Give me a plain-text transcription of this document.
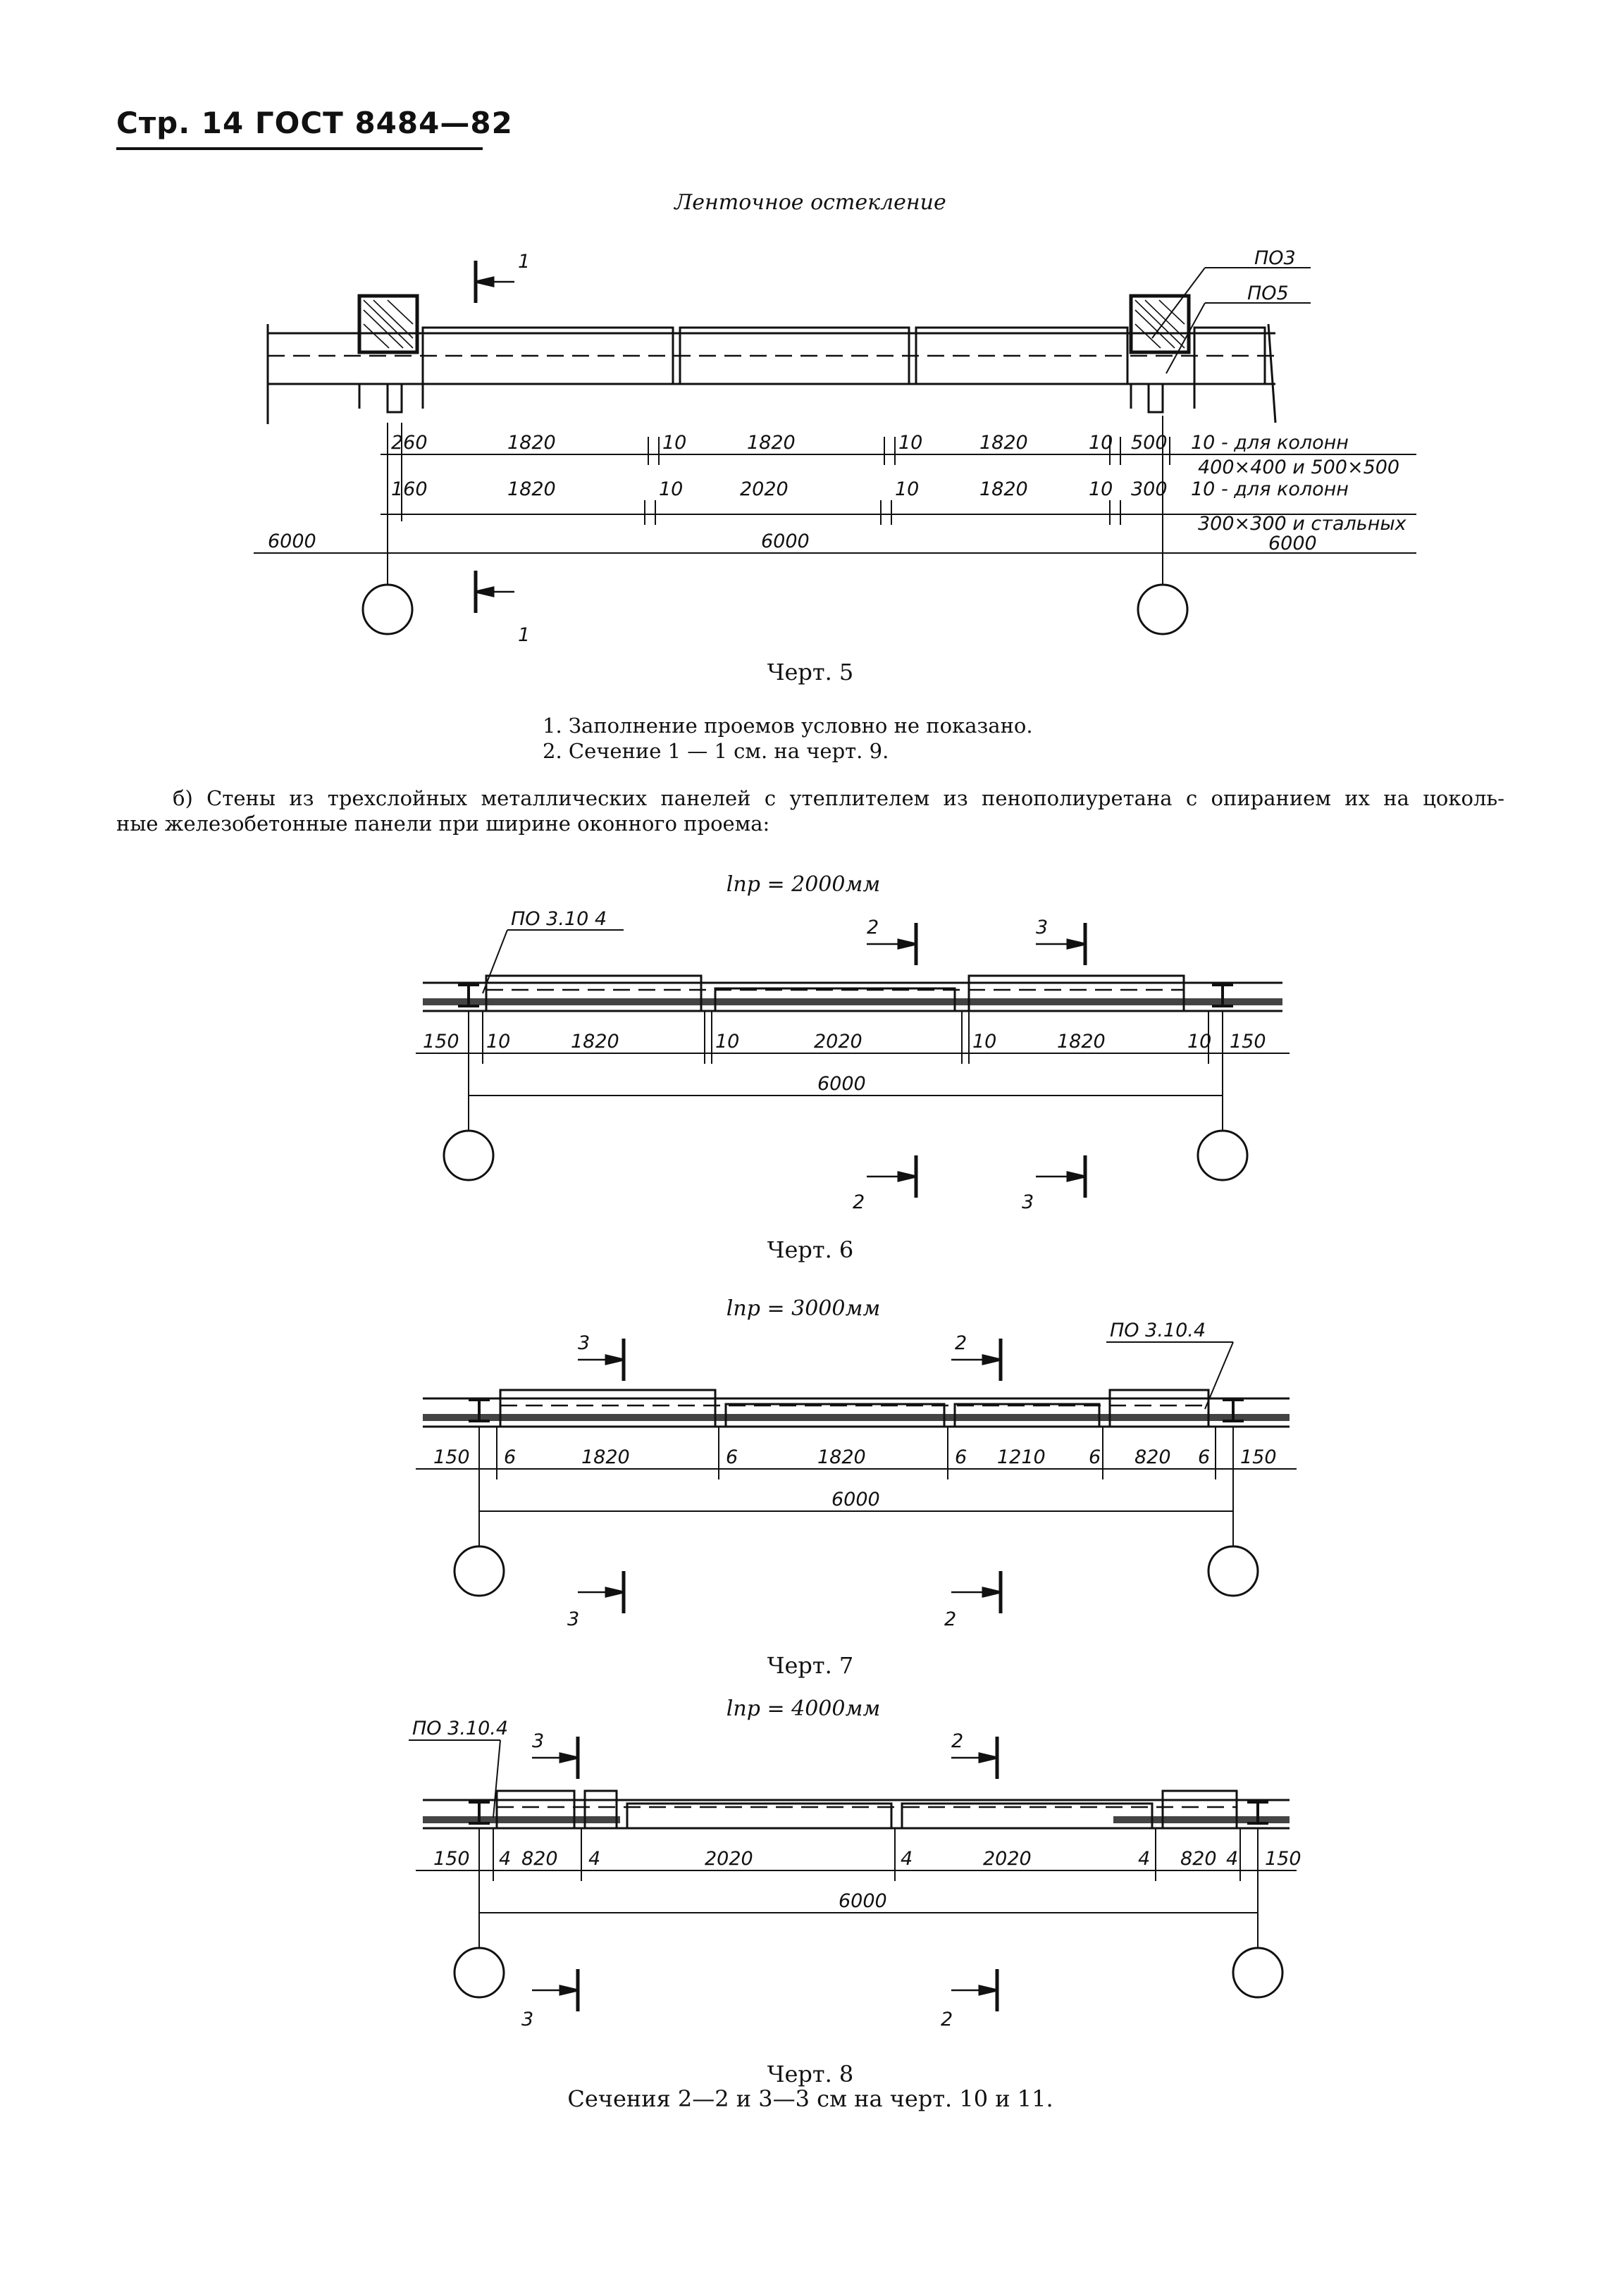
Стр. 14 ГОСТ 8484—82
Ленточное остекление
ПО3
ПО5
1
1
260	1820	10	1820	10	1820	10 500 10 - для колонн
400×400 и 500×500
160	1820	10	2020	10	1820	10 300 10 - для колонн
300×300 и стальных
6000	6000	6000
Черт. 5
1. Заполнение проемов условно не показано.
2. Сечение 1 — 1 см. на черт. 9.
б) Стены из трехслойных металлических панелей с утеплителем из пенополиуретана с опиранием их на цоколь-
ные железобетонные панели при ширине оконного проема:
lпр = 2000мм
ПО 3.10 4	2	3
2	3
150 10	1820	10	2020	10	1820	10 150
6000
Черт. 6
lпр = 3000мм
ПО 3.10.4
3	2
3	2
150 6	1820	6	1820	6 1210 6 820 6 150
6000
Черт. 7
lпр = 4000мм
ПО 3.10.4
3	2
3	2
150 4 820 4	2020	4	2020	4 820 4 150
6000
Черт. 8
Сечения 2—2 и 3—3 см на черт. 10 и 11.
